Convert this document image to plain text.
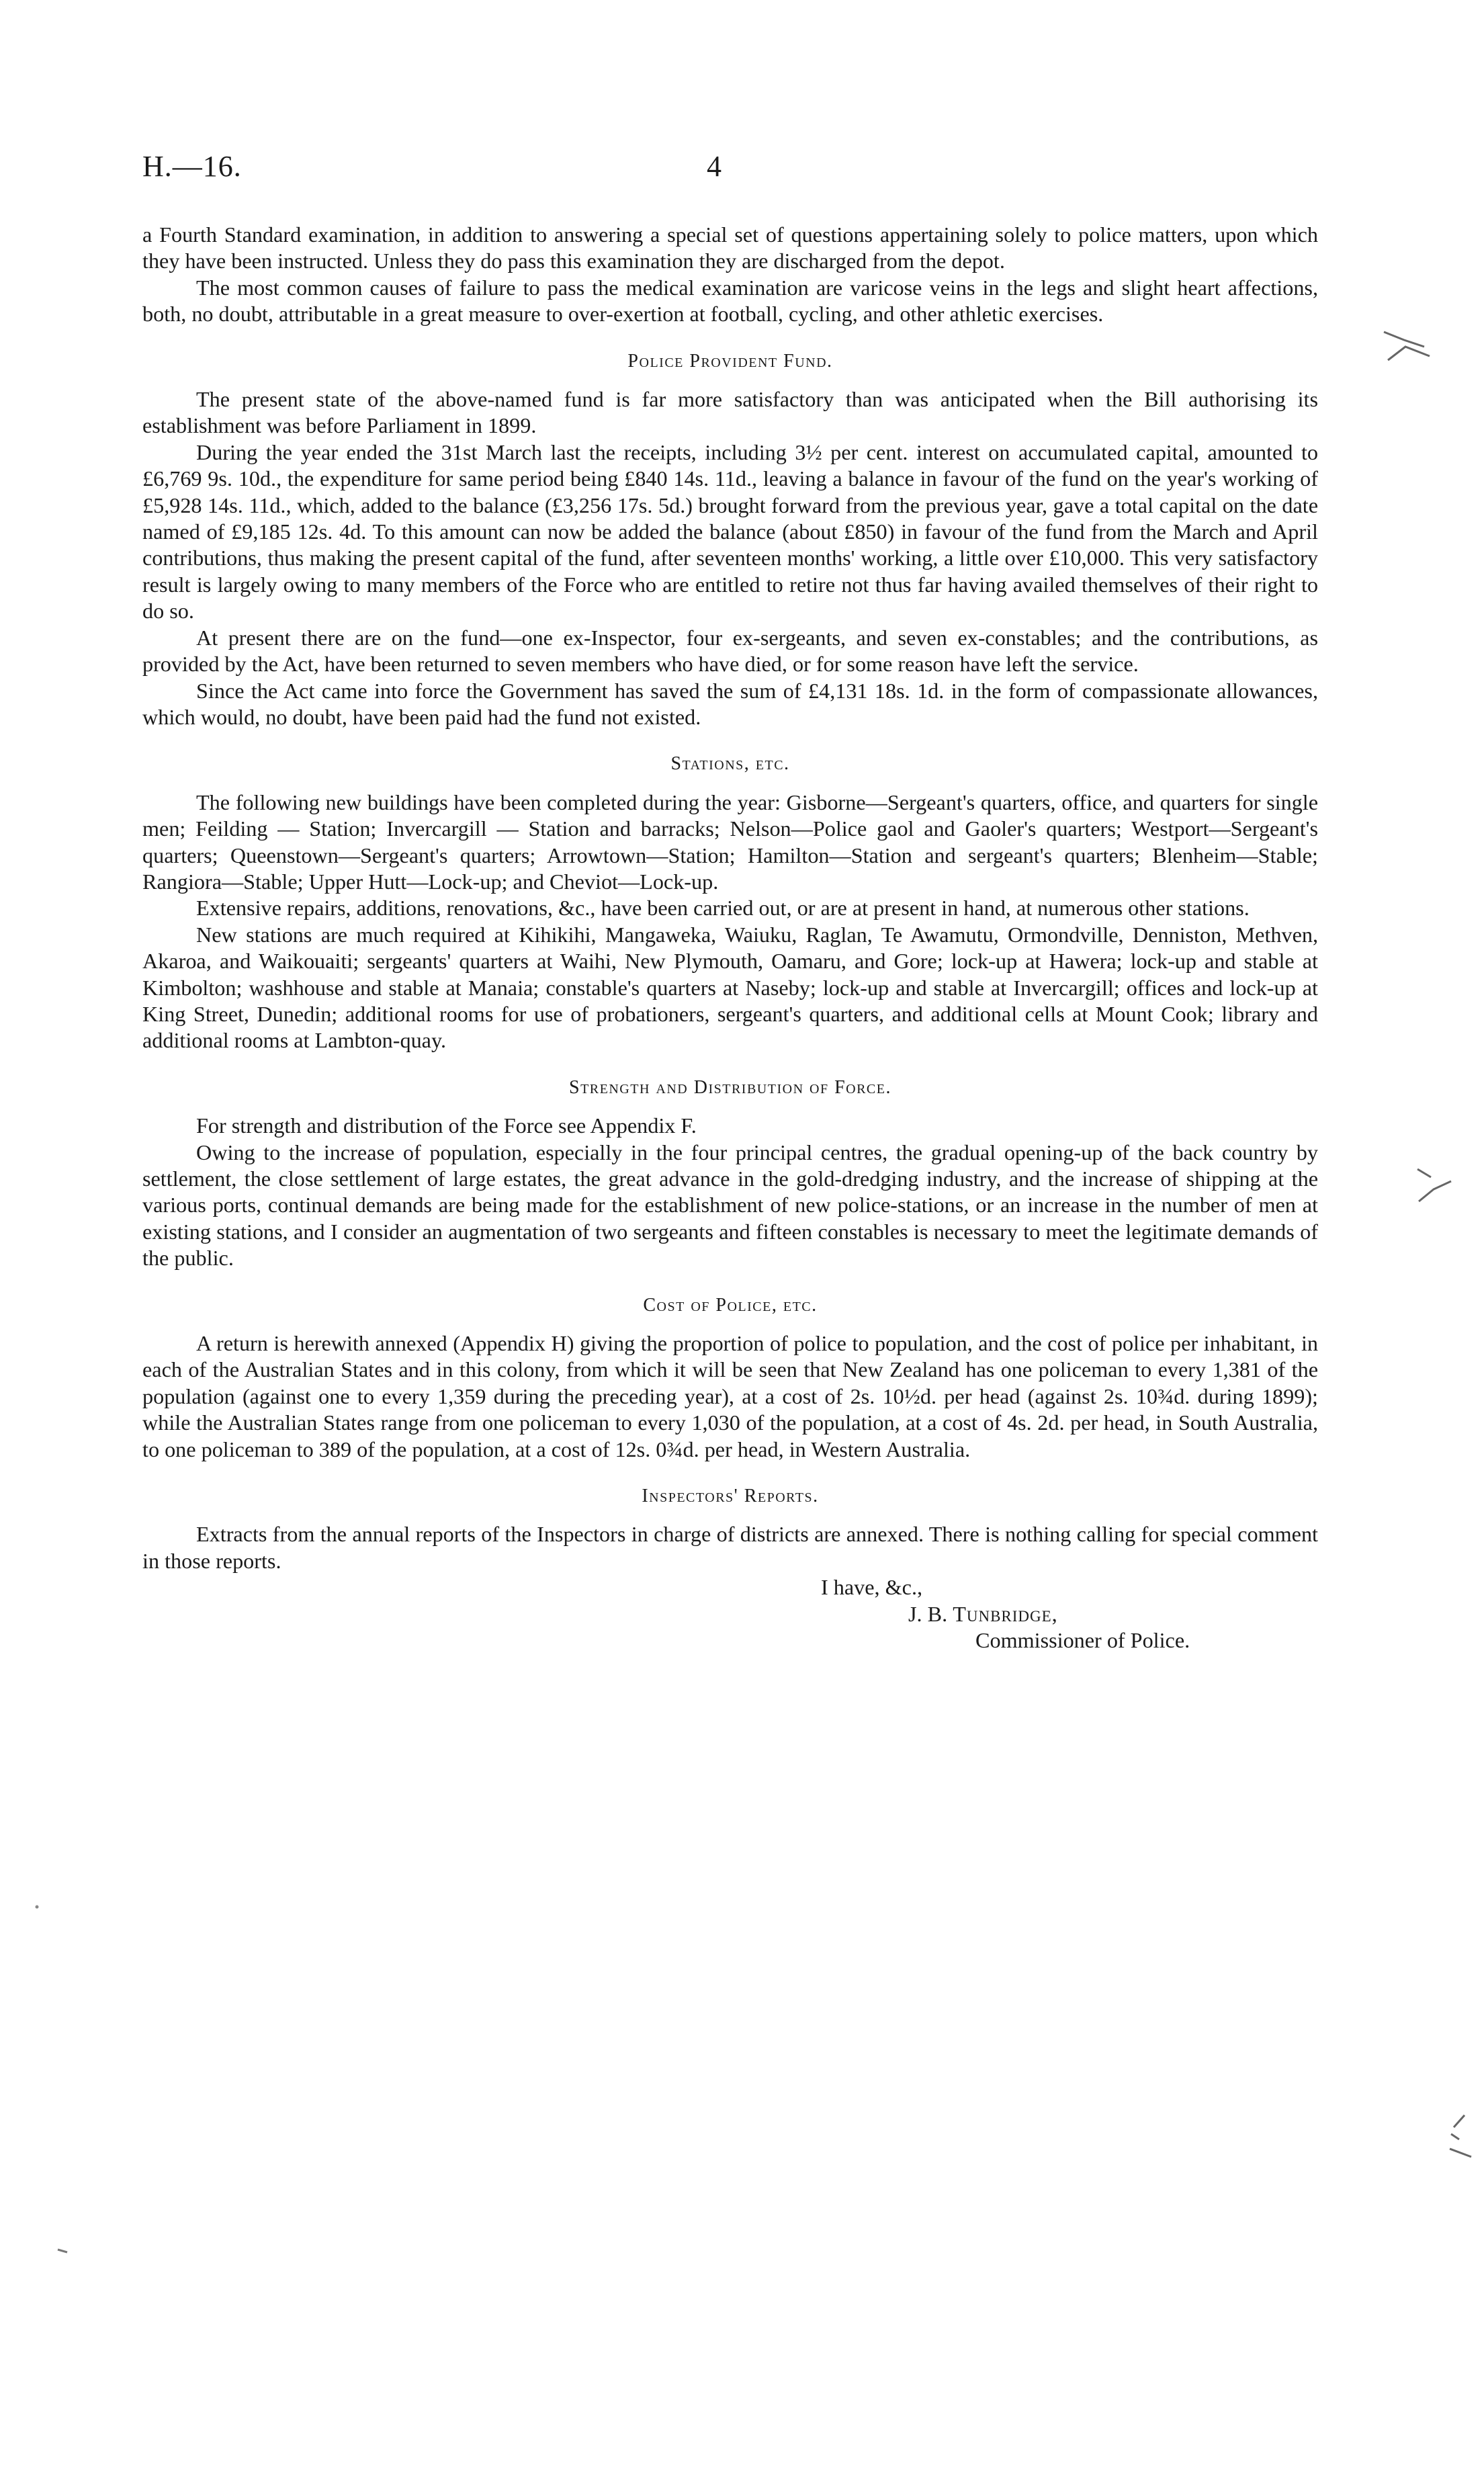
H.—16.	4

a Fourth Standard examination, in addition to answering a special set of questions appertaining solely to police matters, upon which they have been instructed. Unless they do pass this examination they are discharged from the depot.

The most common causes of failure to pass the medical examination are varicose veins in the legs and slight heart affections, both, no doubt, attributable in a great measure to over-exertion at football, cycling, and other athletic exercises.

Police Provident Fund.

The present state of the above-named fund is far more satisfactory than was anticipated when the Bill authorising its establishment was before Parliament in 1899.

During the year ended the 31st March last the receipts, including 3½ per cent. interest on accumulated capital, amounted to £6,769 9s. 10d., the expenditure for same period being £840 14s. 11d., leaving a balance in favour of the fund on the year's working of £5,928 14s. 11d., which, added to the balance (£3,256 17s. 5d.) brought forward from the previous year, gave a total capital on the date named of £9,185 12s. 4d. To this amount can now be added the balance (about £850) in favour of the fund from the March and April contributions, thus making the present capital of the fund, after seventeen months' working, a little over £10,000. This very satisfactory result is largely owing to many members of the Force who are entitled to retire not thus far having availed themselves of their right to do so.

At present there are on the fund—one ex-Inspector, four ex-sergeants, and seven ex-constables; and the contributions, as provided by the Act, have been returned to seven members who have died, or for some reason have left the service.

Since the Act came into force the Government has saved the sum of £4,131 18s. 1d. in the form of compassionate allowances, which would, no doubt, have been paid had the fund not existed.

Stations, etc.

The following new buildings have been completed during the year: Gisborne—Sergeant's quarters, office, and quarters for single men; Feilding — Station; Invercargill — Station and barracks; Nelson—Police gaol and Gaoler's quarters; Westport—Sergeant's quarters; Queenstown—Sergeant's quarters; Arrowtown—Station; Hamilton—Station and sergeant's quarters; Blenheim—Stable; Rangiora—Stable; Upper Hutt—Lock-up; and Cheviot—Lock-up.

Extensive repairs, additions, renovations, &c., have been carried out, or are at present in hand, at numerous other stations.

New stations are much required at Kihikihi, Mangaweka, Waiuku, Raglan, Te Awamutu, Ormondville, Denniston, Methven, Akaroa, and Waikouaiti; sergeants' quarters at Waihi, New Plymouth, Oamaru, and Gore; lock-up at Hawera; lock-up and stable at Kimbolton; washhouse and stable at Manaia; constable's quarters at Naseby; lock-up and stable at Invercargill; offices and lock-up at King Street, Dunedin; additional rooms for use of probationers, sergeant's quarters, and additional cells at Mount Cook; library and additional rooms at Lambton-quay.

Strength and Distribution of Force.

For strength and distribution of the Force see Appendix F.

Owing to the increase of population, especially in the four principal centres, the gradual opening-up of the back country by settlement, the close settlement of large estates, the great advance in the gold-dredging industry, and the increase of shipping at the various ports, continual demands are being made for the establishment of new police-stations, or an increase in the number of men at existing stations, and I consider an augmentation of two sergeants and fifteen constables is necessary to meet the legitimate demands of the public.

Cost of Police, etc.

A return is herewith annexed (Appendix H) giving the proportion of police to population, and the cost of police per inhabitant, in each of the Australian States and in this colony, from which it will be seen that New Zealand has one policeman to every 1,381 of the population (against one to every 1,359 during the preceding year), at a cost of 2s. 10½d. per head (against 2s. 10¾d. during 1899); while the Australian States range from one policeman to every 1,030 of the population, at a cost of 4s. 2d. per head, in South Australia, to one policeman to 389 of the population, at a cost of 12s. 0¾d. per head, in Western Australia.

Inspectors' Reports.

Extracts from the annual reports of the Inspectors in charge of districts are annexed. There is nothing calling for special comment in those reports.

I have, &c.,
J. B. Tunbridge,
Commissioner of Police.
